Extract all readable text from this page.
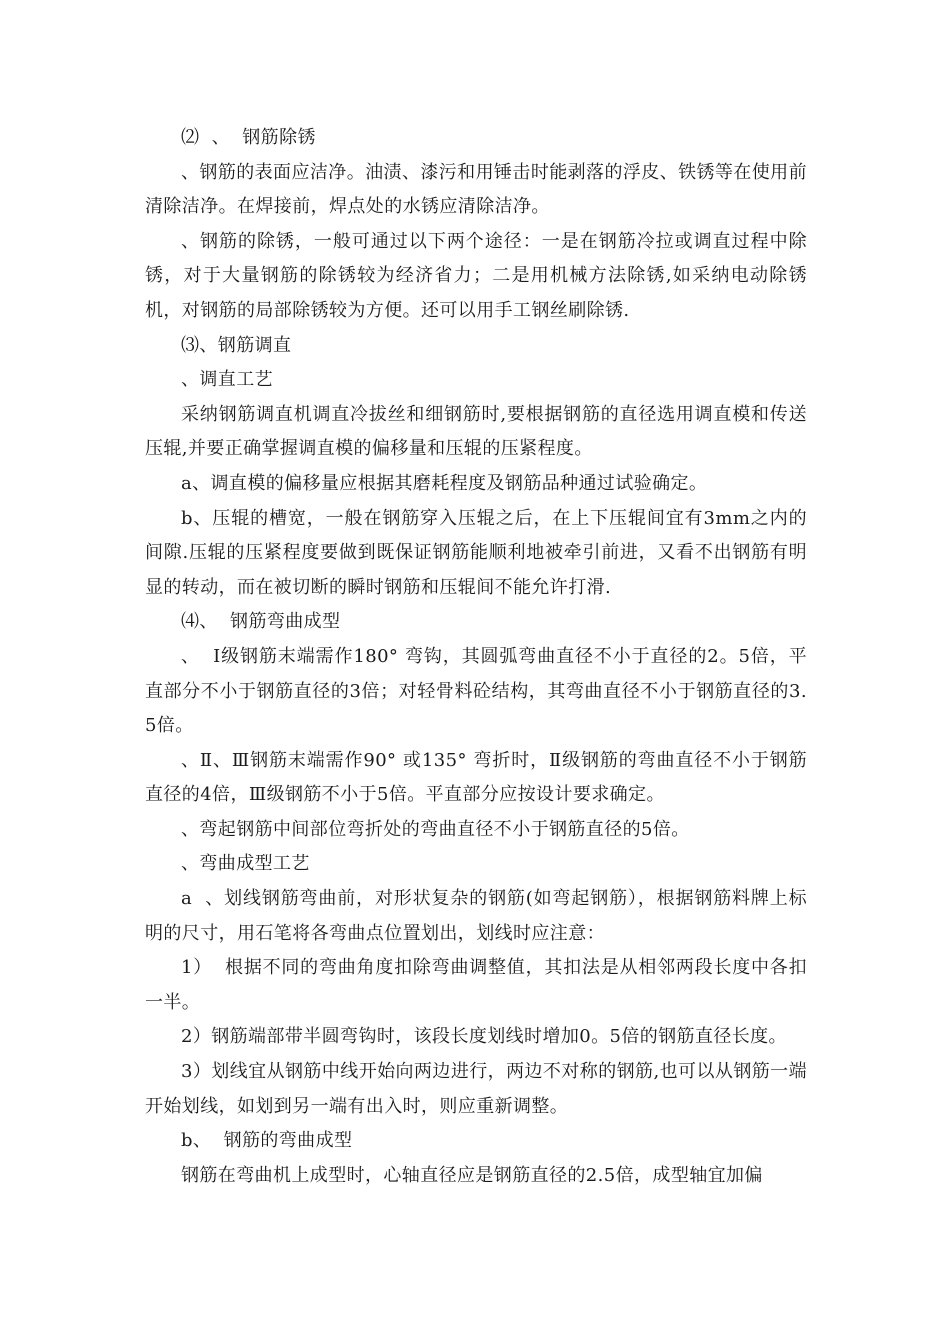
⑵  、  钢筋除锈

、钢筋的表面应洁净。油渍、漆污和用锤击时能剥落的浮皮、铁锈等在使用前清除洁净。在焊接前，焊点处的水锈应清除洁净。

、钢筋的除锈，一般可通过以下两个途径：一是在钢筋冷拉或调直过程中除锈，对于大量钢筋的除锈较为经济省力；二是用机械方法除锈,如采纳电动除锈机，对钢筋的局部除锈较为方便。还可以用手工钢丝刷除锈.

⑶、钢筋调直

、调直工艺

采纳钢筋调直机调直冷拔丝和细钢筋时,要根据钢筋的直径选用调直模和传送压辊,并要正确掌握调直模的偏移量和压辊的压紧程度。

a、调直模的偏移量应根据其磨耗程度及钢筋品种通过试验确定。

b、压辊的槽宽，一般在钢筋穿入压辊之后，在上下压辊间宜有3mm之内的间隙.压辊的压紧程度要做到既保证钢筋能顺利地被牵引前进，又看不出钢筋有明显的转动，而在被切断的瞬时钢筋和压辊间不能允许打滑.

⑷、  钢筋弯曲成型

、  Ⅰ级钢筋末端需作180° 弯钩，其圆弧弯曲直径不小于直径的2。5倍，平直部分不小于钢筋直径的3倍；对轻骨料砼结构，其弯曲直径不小于钢筋直径的3.5倍。

、Ⅱ、Ⅲ钢筋末端需作90° 或135° 弯折时，Ⅱ级钢筋的弯曲直径不小于钢筋直径的4倍，Ⅲ级钢筋不小于5倍。平直部分应按设计要求确定。

、弯起钢筋中间部位弯折处的弯曲直径不小于钢筋直径的5倍。

、弯曲成型工艺

a  、划线钢筋弯曲前，对形状复杂的钢筋(如弯起钢筋），根据钢筋料牌上标明的尺寸，用石笔将各弯曲点位置划出，划线时应注意：

1）  根据不同的弯曲角度扣除弯曲调整值，其扣法是从相邻两段长度中各扣一半。

2）钢筋端部带半圆弯钩时，该段长度划线时增加0。5倍的钢筋直径长度。

3）划线宜从钢筋中线开始向两边进行，两边不对称的钢筋,也可以从钢筋一端开始划线，如划到另一端有出入时，则应重新调整。

b、  钢筋的弯曲成型

钢筋在弯曲机上成型时，心轴直径应是钢筋直径的2.5倍，成型轴宜加偏
